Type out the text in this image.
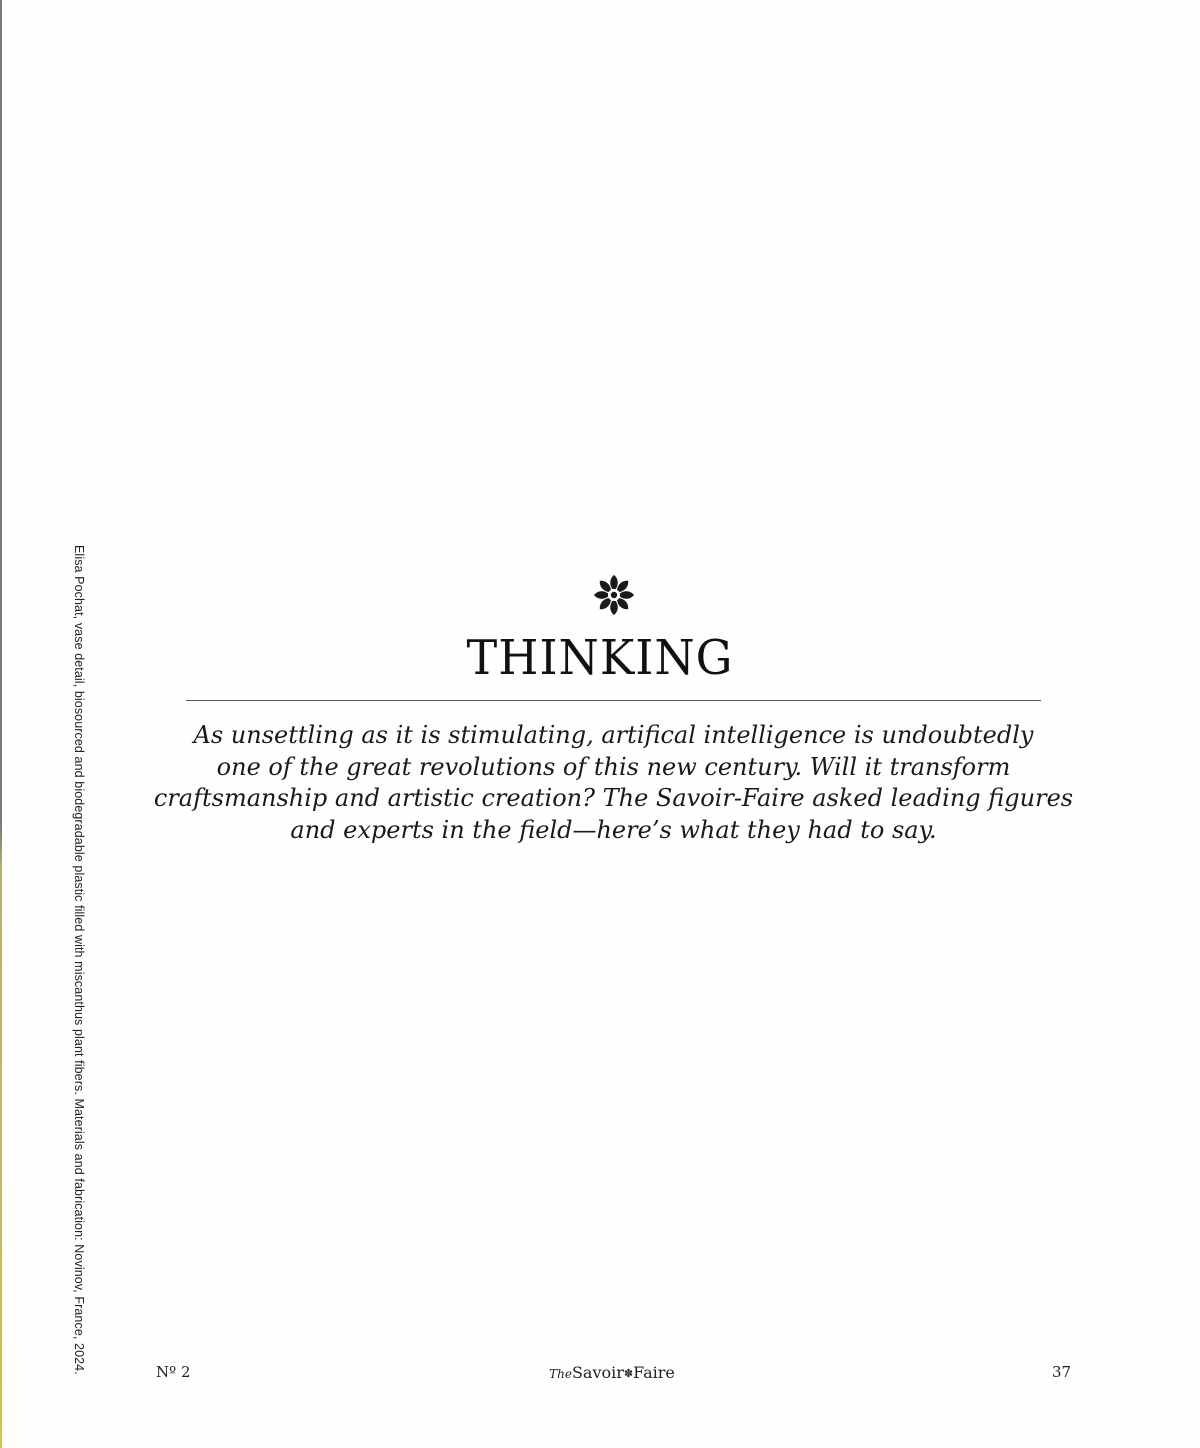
Elisa Pochat, vase detail, biosourced and biodegradable plastic filled with miscanthus plant fibers. Materials and fabrication: Novinov, France, 2024.	THINKING

As unsettling as it is stimulating, artifical intelligence is undoubtedly
one of the great revolutions of this new century. Will it transform
craftsmanship and artistic creation? The Savoir-Faire asked leading figures
and experts in the field—here’s what they had to say.

Nº 2	TheSavoir✽Faire	37
